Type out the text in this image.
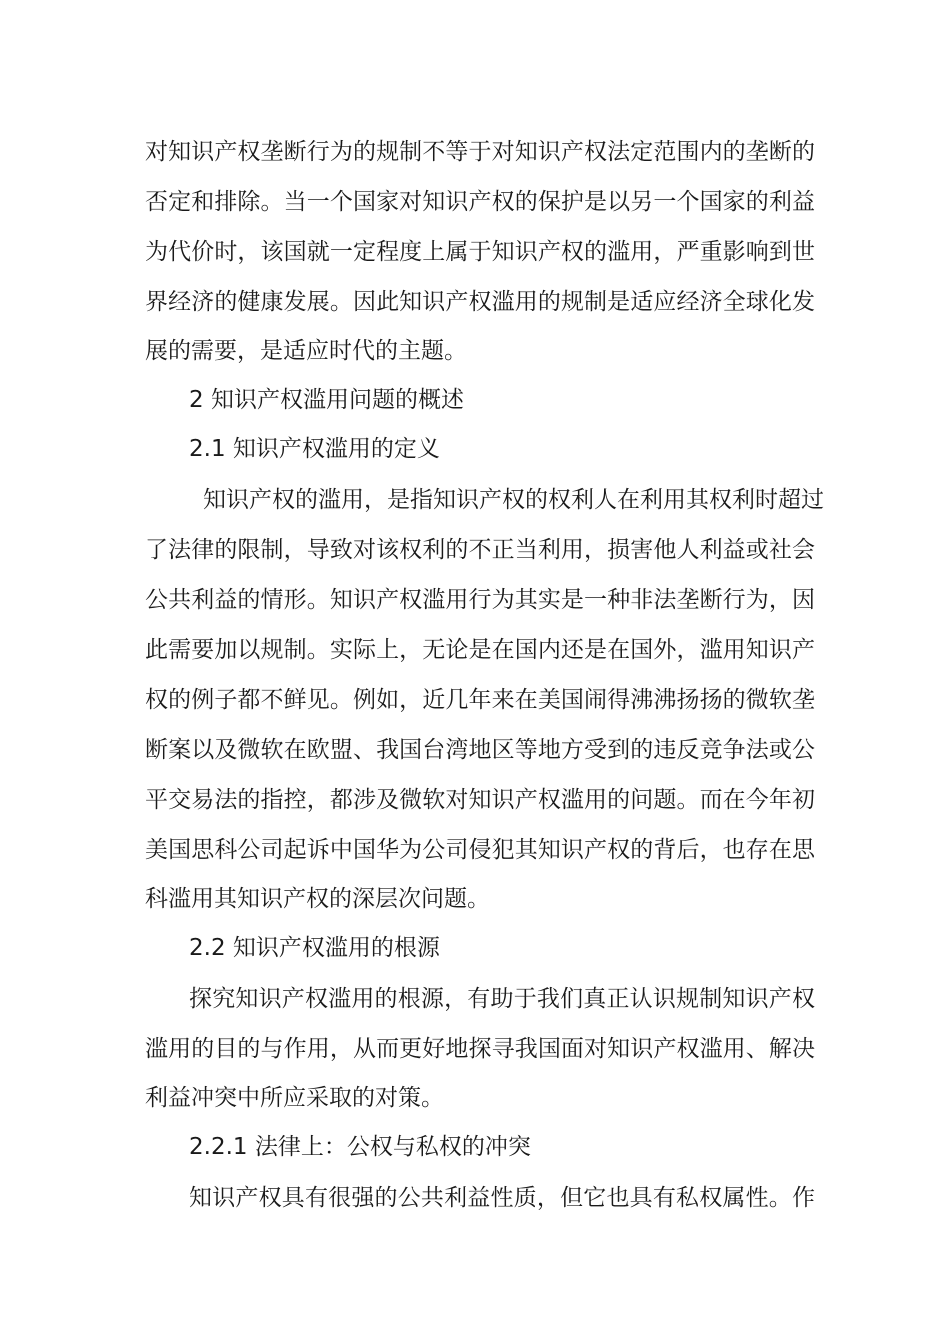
对知识产权垄断行为的规制不等于对知识产权法定范围内的垄断的
否定和排除。当一个国家对知识产权的保护是以另一个国家的利益
为代价时，该国就一定程度上属于知识产权的滥用，严重影响到世
界经济的健康发展。因此知识产权滥用的规制是适应经济全球化发
展的需要，是适应时代的主题。
2 知识产权滥用问题的概述
2.1 知识产权滥用的定义
知识产权的滥用，是指知识产权的权利人在利用其权利时超过
了法律的限制，导致对该权利的不正当利用，损害他人利益或社会
公共利益的情形。知识产权滥用行为其实是一种非法垄断行为，因
此需要加以规制。实际上，无论是在国内还是在国外，滥用知识产
权的例子都不鲜见。例如，近几年来在美国闹得沸沸扬扬的微软垄
断案以及微软在欧盟、我国台湾地区等地方受到的违反竞争法或公
平交易法的指控，都涉及微软对知识产权滥用的问题。而在今年初
美国思科公司起诉中国华为公司侵犯其知识产权的背后，也存在思
科滥用其知识产权的深层次问题。
2.2 知识产权滥用的根源
探究知识产权滥用的根源，有助于我们真正认识规制知识产权
滥用的目的与作用，从而更好地探寻我国面对知识产权滥用、解决
利益冲突中所应采取的对策。
2.2.1 法律上：公权与私权的冲突
知识产权具有很强的公共利益性质，但它也具有私权属性。作
